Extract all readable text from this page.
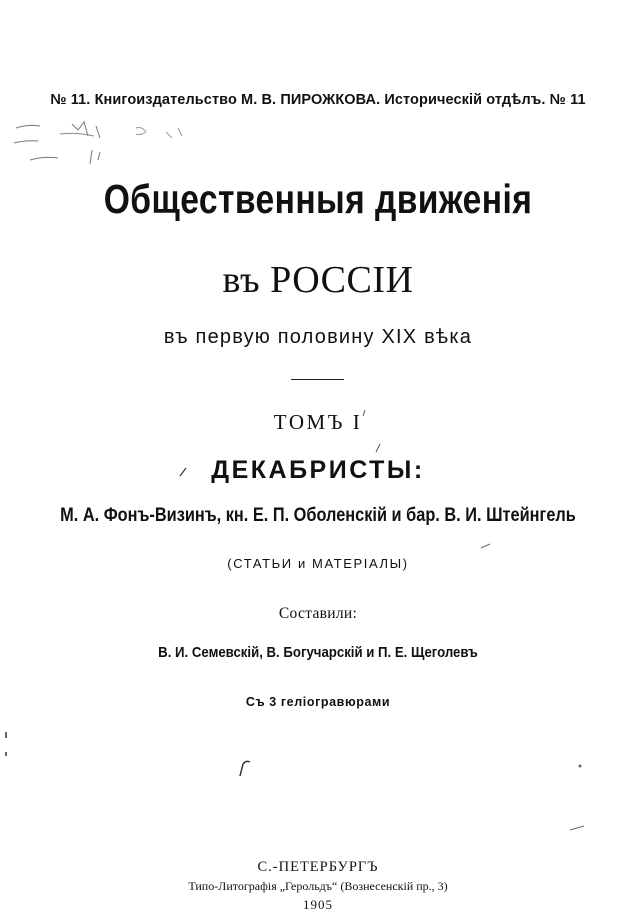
№ 11. Книгоиздательство М. В. ПИРОЖКОВА. Историческій отдѣлъ. № 11
Общественныя движенія
въ РОССІИ
въ первую половину XIX вѣка
ТОМЪ I
ДЕКАБРИСТЫ:
М. А. Фонъ-Визинъ, кн. Е. П. Оболенскій и бар. В. И. Штейнгель
(СТАТЬИ и МАТЕРІАЛЫ)
Составили:
В. И. Семевскій, В. Богучарскій и П. Е. Щеголевъ
Съ 3 геліогравюрами
С.-ПЕТЕРБУРГЪ
Типо-Литографія „Герольдъ“ (Вознесенскій пр., 3)
1905
